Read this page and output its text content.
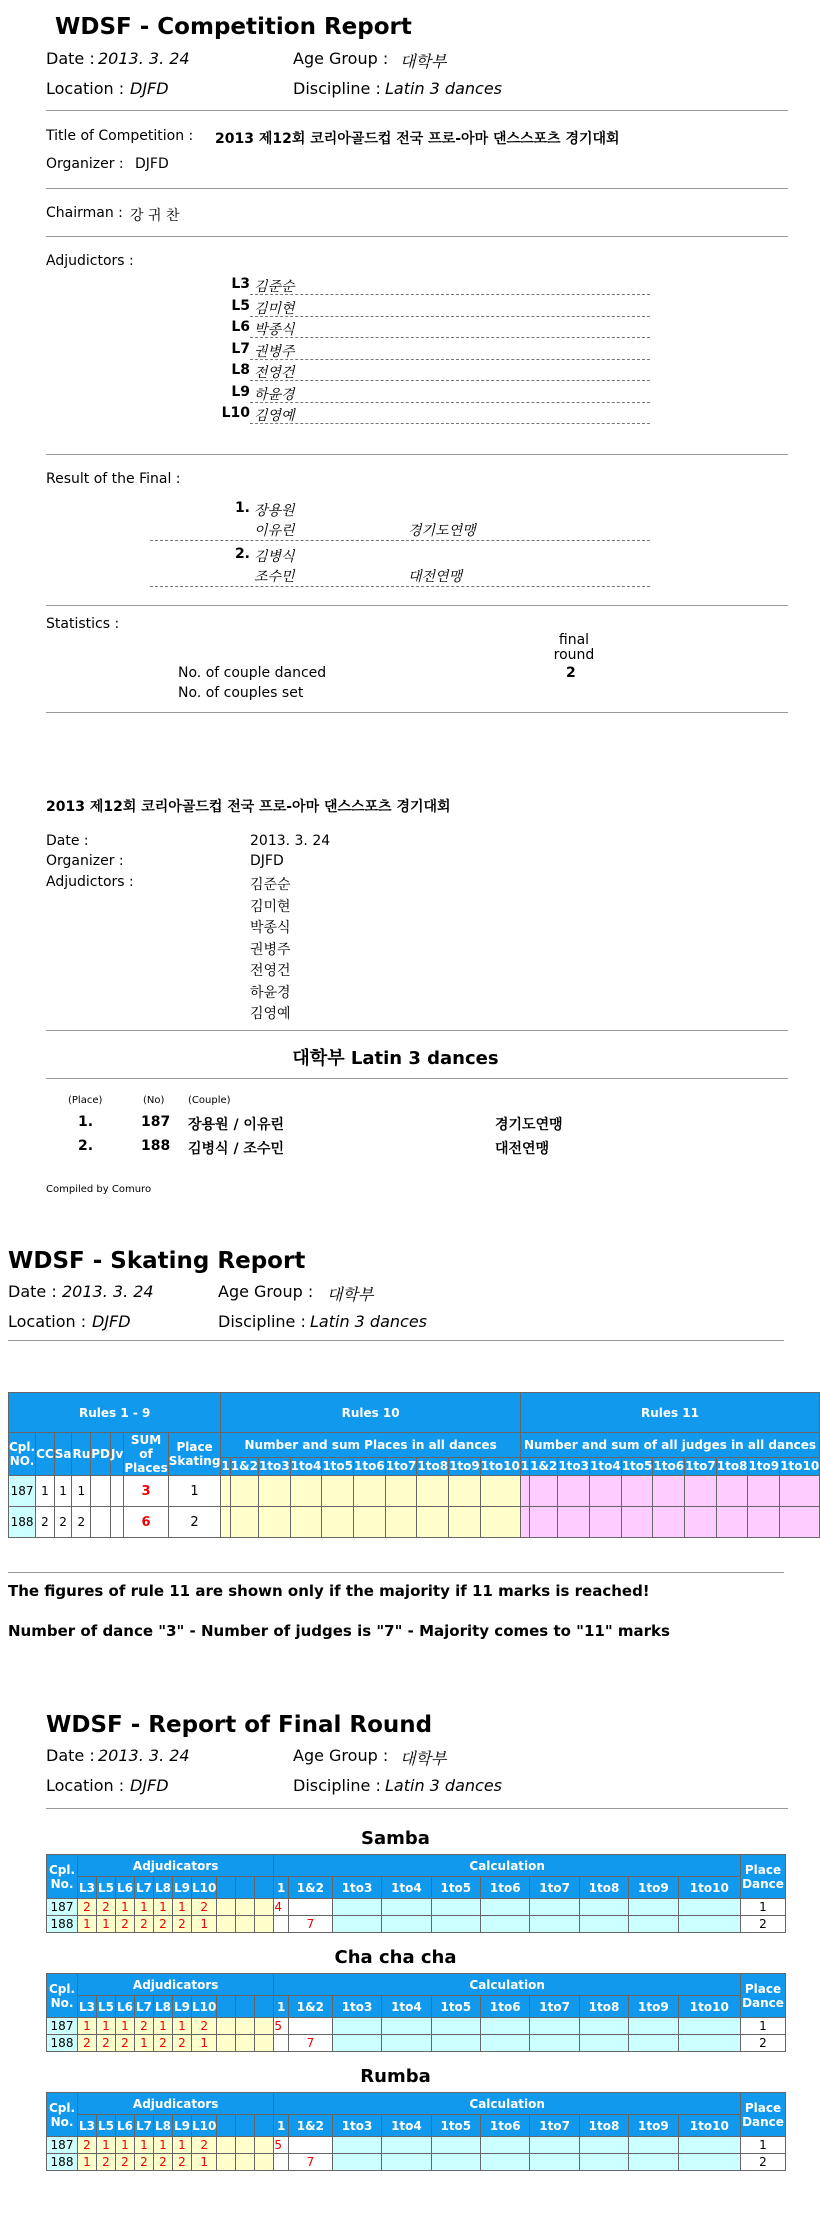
WDSF - Competition Report
Date : 2013. 3. 24	Age Group : 대학부
Location : DJFD	Discipline : Latin 3 dances
Title of Competition : 2013 제12회 코리아골드컵 전국 프로-아마 댄스스포츠 경기대회
Organizer : DJFD
Chairman : 강 귀 찬
Adjudictors :
L3 김준순
L5 김미현
L6 박종식
L7 권병주
L8 전영건
L9 하윤경
L10 김영예
Result of the Final :
1. 장용원
이유린	경기도연맹
2. 김병식
조수민	대전연맹
Statistics :
final round
No. of couple danced	2
No. of couples set
2013 제12회 코리아골드컵 전국 프로-아마 댄스스포츠 경기대회
Date :	2013. 3. 24
Organizer :	DJFD
Adjudictors :	김준순
김미현
박종식
권병주
전영건
하윤경
김영예
대학부 Latin 3 dances
(Place)	(No) (Couple)
1.	187 장용원 / 이유린	경기도연맹
2.	188 김병식 / 조수민	대전연맹
Compiled by Comuro
WDSF - Skating Report
Date : 2013. 3. 24	Age Group : 대학부
Location : DJFD	Discipline : Latin 3 dances
Rules 1 - 9								Rules 10										Rules 11									
Cpl. NO.	CC	Sa	Ru	PD	Jv	SUM of Places	Place Skating	Number and sum Places in all dances										Number and sum of all judges in all dances									
								1	1&2	1to3	1to4	1to5	1to6	1to7	1to8	1to9	1to10	1	1&2	1to3	1to4	1to5	1to6	1to7	1to8	1to9	1to10
187	1	1	1			3	1																				
188	2	2	2			6	2																				
The figures of rule 11 are shown only if the majority if 11 marks is reached!
Number of dance "3" - Number of judges is "7" - Majority comes to "11" marks
WDSF - Report of Final Round
Date : 2013. 3. 24	Age Group : 대학부
Location : DJFD	Discipline : Latin 3 dances
Samba
Cpl. No.	Adjudicators										Calculation										Place Dance
	L3	L5	L6	L7	L8	L9	L10				1	1&2	1to3	1to4	1to5	1to6	1to7	1to8	1to9	1to10	
187	2	2	1	1	1	1	2				4										1
188	1	1	2	2	2	2	1					7									2
Cha cha cha
Cpl. No.	Adjudicators										Calculation										Place Dance
	L3	L5	L6	L7	L8	L9	L10				1	1&2	1to3	1to4	1to5	1to6	1to7	1to8	1to9	1to10	
187	1	1	1	2	1	1	2				5										1
188	2	2	2	1	2	2	1					7									2
Rumba
Cpl. No.	Adjudicators										Calculation										Place Dance
	L3	L5	L6	L7	L8	L9	L10				1	1&2	1to3	1to4	1to5	1to6	1to7	1to8	1to9	1to10	
187	2	1	1	1	1	1	2				5										1
188	1	2	2	2	2	2	1					7									2
